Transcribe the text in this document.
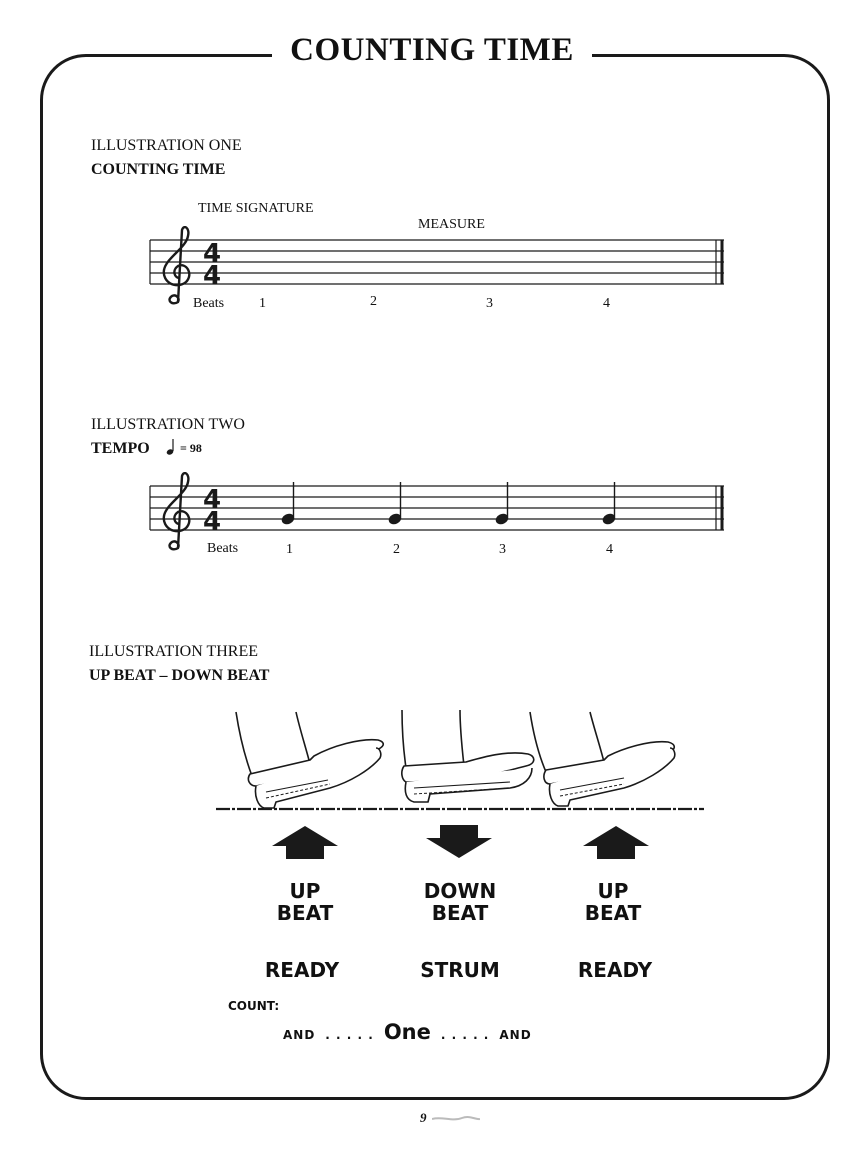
COUNTING TIME
ILLUSTRATION ONE
COUNTING TIME
TIME SIGNATURE
MEASURE
4
4
Beats 1	2	3	4
ILLUSTRATION TWO
TEMPO	= 98
4
4
Beats	1	2	3	4
ILLUSTRATION THREE
UP BEAT – DOWN BEAT
UP
BEAT
DOWN
BEAT
UP
BEAT
READY	STRUM	READY
COUNT:
AND . . . . . One . . . . . AND
9
